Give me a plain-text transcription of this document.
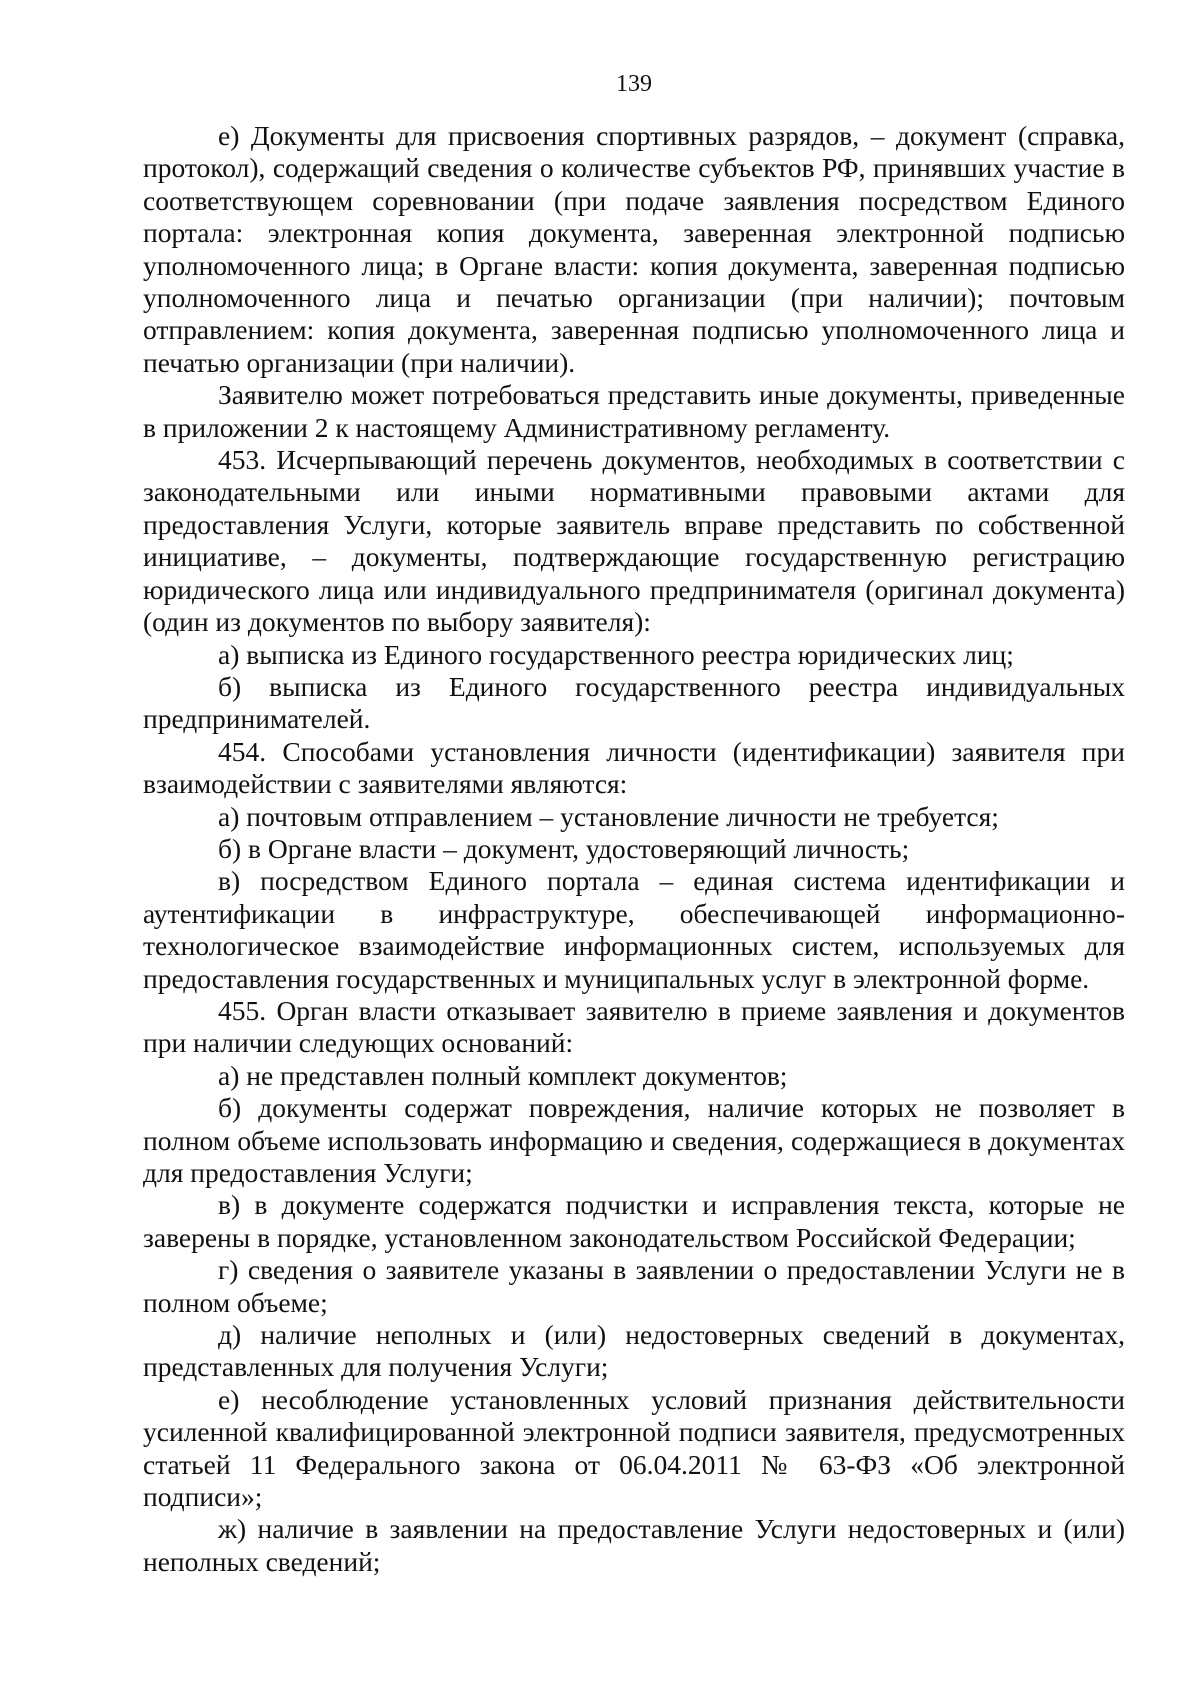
139

е) Документы для присвоения спортивных разрядов, – документ (справка, протокол), содержащий сведения о количестве субъектов РФ, принявших участие в соответствующем соревновании (при подаче заявления посредством Единого портала: электронная копия документа, заверенная электронной подписью уполномоченного лица; в Органе власти: копия документа, заверенная подписью уполномоченного лица и печатью организации (при наличии); почтовым отправлением: копия документа, заверенная подписью уполномоченного лица и печатью организации (при наличии).

Заявителю может потребоваться представить иные документы, приведенные в приложении 2 к настоящему Административному регламенту.

453. Исчерпывающий перечень документов, необходимых в соответствии с законодательными или иными нормативными правовыми актами для предоставления Услуги, которые заявитель вправе представить по собственной инициативе, – документы, подтверждающие государственную регистрацию юридического лица или индивидуального предпринимателя (оригинал документа) (один из документов по выбору заявителя):

а) выписка из Единого государственного реестра юридических лиц;

б) выписка из Единого государственного реестра индивидуальных предпринимателей.

454. Способами установления личности (идентификации) заявителя при взаимодействии с заявителями являются:

а) почтовым отправлением – установление личности не требуется;

б) в Органе власти – документ, удостоверяющий личность;

в) посредством Единого портала – единая система идентификации и аутентификации в инфраструктуре, обеспечивающей информационно-технологическое взаимодействие информационных систем, используемых для предоставления государственных и муниципальных услуг в электронной форме.

455. Орган власти отказывает заявителю в приеме заявления и документов при наличии следующих оснований:

а) не представлен полный комплект документов;

б) документы содержат повреждения, наличие которых не позволяет в полном объеме использовать информацию и сведения, содержащиеся в документах для предоставления Услуги;

в) в документе содержатся подчистки и исправления текста, которые не заверены в порядке, установленном законодательством Российской Федерации;

г) сведения о заявителе указаны в заявлении о предоставлении Услуги не в полном объеме;

д) наличие неполных и (или) недостоверных сведений в документах, представленных для получения Услуги;

е) несоблюдение установленных условий признания действительности усиленной квалифицированной электронной подписи заявителя, предусмотренных статьей 11 Федерального закона от 06.04.2011 № 63-ФЗ «Об электронной подписи»;

ж) наличие в заявлении на предоставление Услуги недостоверных и (или) неполных сведений;
